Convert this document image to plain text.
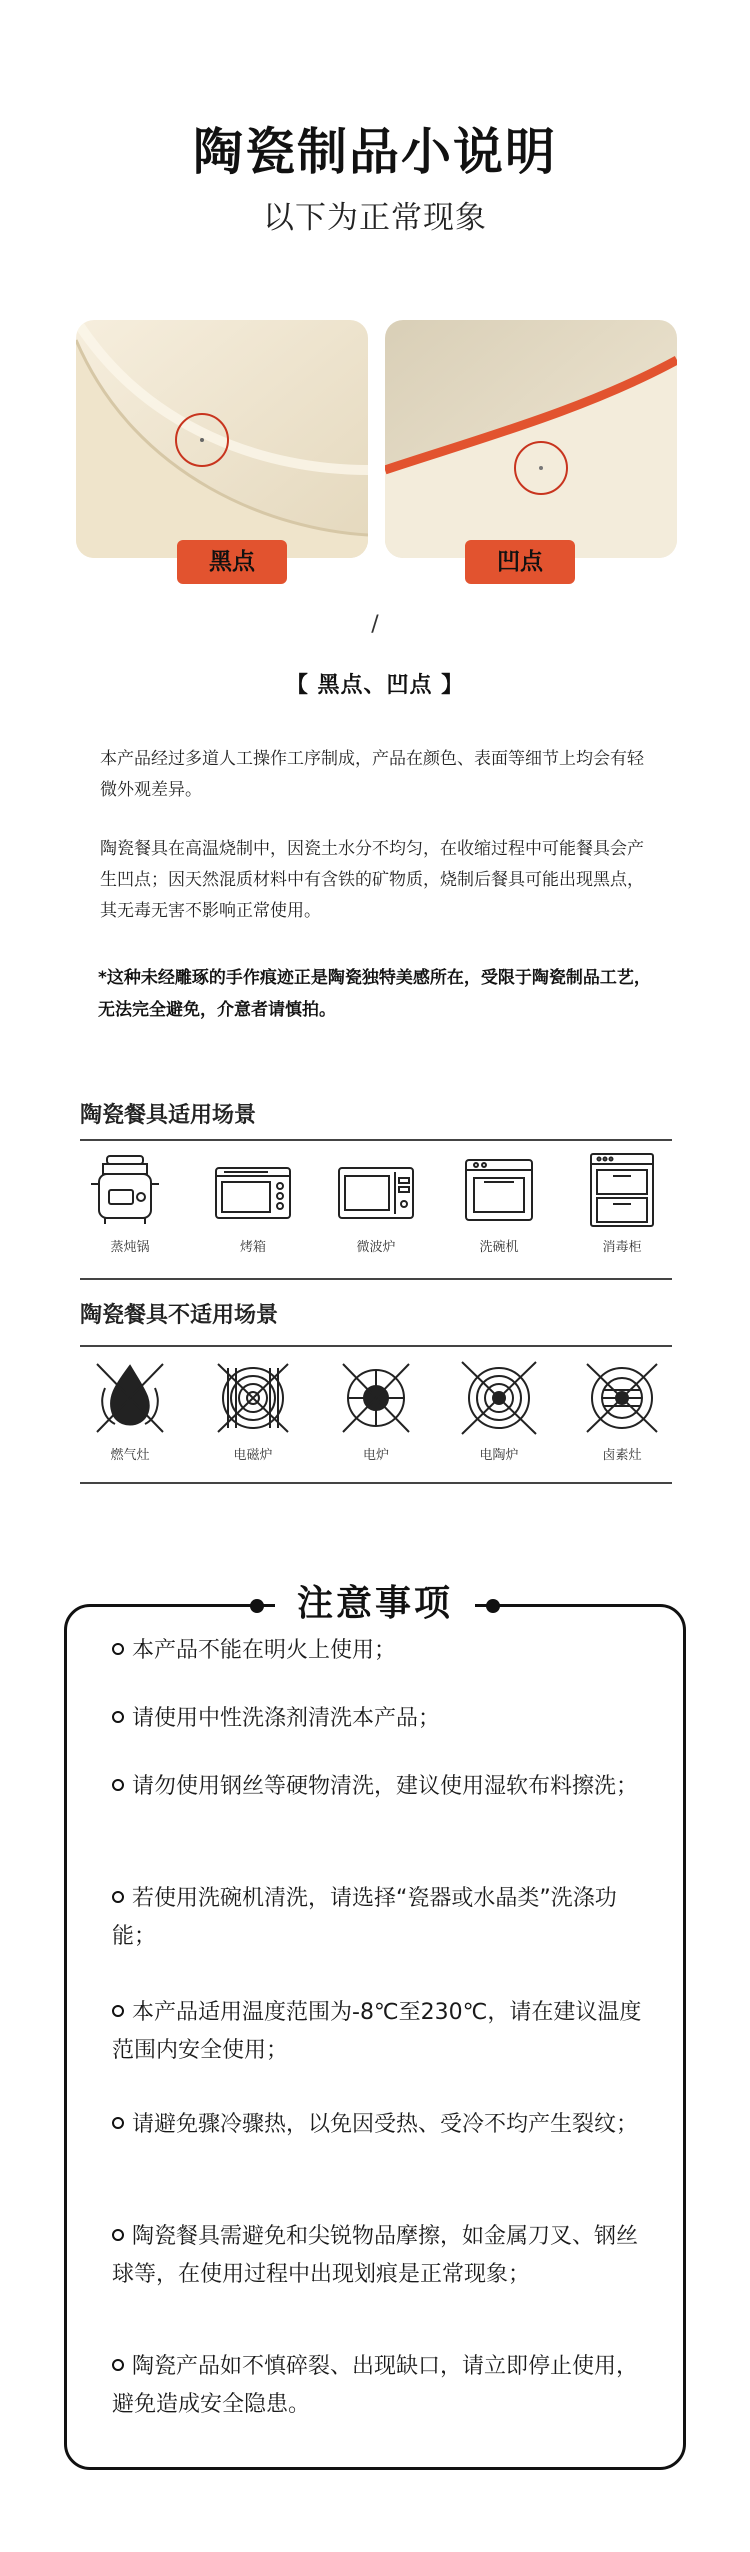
陶瓷制品小说明
以下为正常现象
黑点	凹点
/
【 黑点、凹点 】
本产品经过多道人工操作工序制成，产品在颜色、表面等细节上均会有轻微外观差异。
陶瓷餐具在高温烧制中，因瓷土水分不均匀，在收缩过程中可能餐具会产生凹点；因天然混质材料中有含铁的矿物质，烧制后餐具可能出现黑点，其无毒无害不影响正常使用。
*这种未经雕琢的手作痕迹正是陶瓷独特美感所在，受限于陶瓷制品工艺，无法完全避免，介意者请慎拍。
陶瓷餐具适用场景
蒸炖锅	烤箱	微波炉	洗碗机	消毒柜
陶瓷餐具不适用场景
燃气灶	电磁炉	电炉	电陶炉	卤素灶
注意事项
本产品不能在明火上使用；
请使用中性洗涤剂清洗本产品；
请勿使用钢丝等硬物清洗，建议使用湿软布料擦洗；
若使用洗碗机清洗，请选择“瓷器或水晶类”洗涤功能；
本产品适用温度范围为-8℃至230℃，请在建议温度范围内安全使用；
请避免骤冷骤热，以免因受热、受冷不均产生裂纹；
陶瓷餐具需避免和尖锐物品摩擦，如金属刀叉、钢丝球等，在使用过程中出现划痕是正常现象；
陶瓷产品如不慎碎裂、出现缺口，请立即停止使用，避免造成安全隐患。
